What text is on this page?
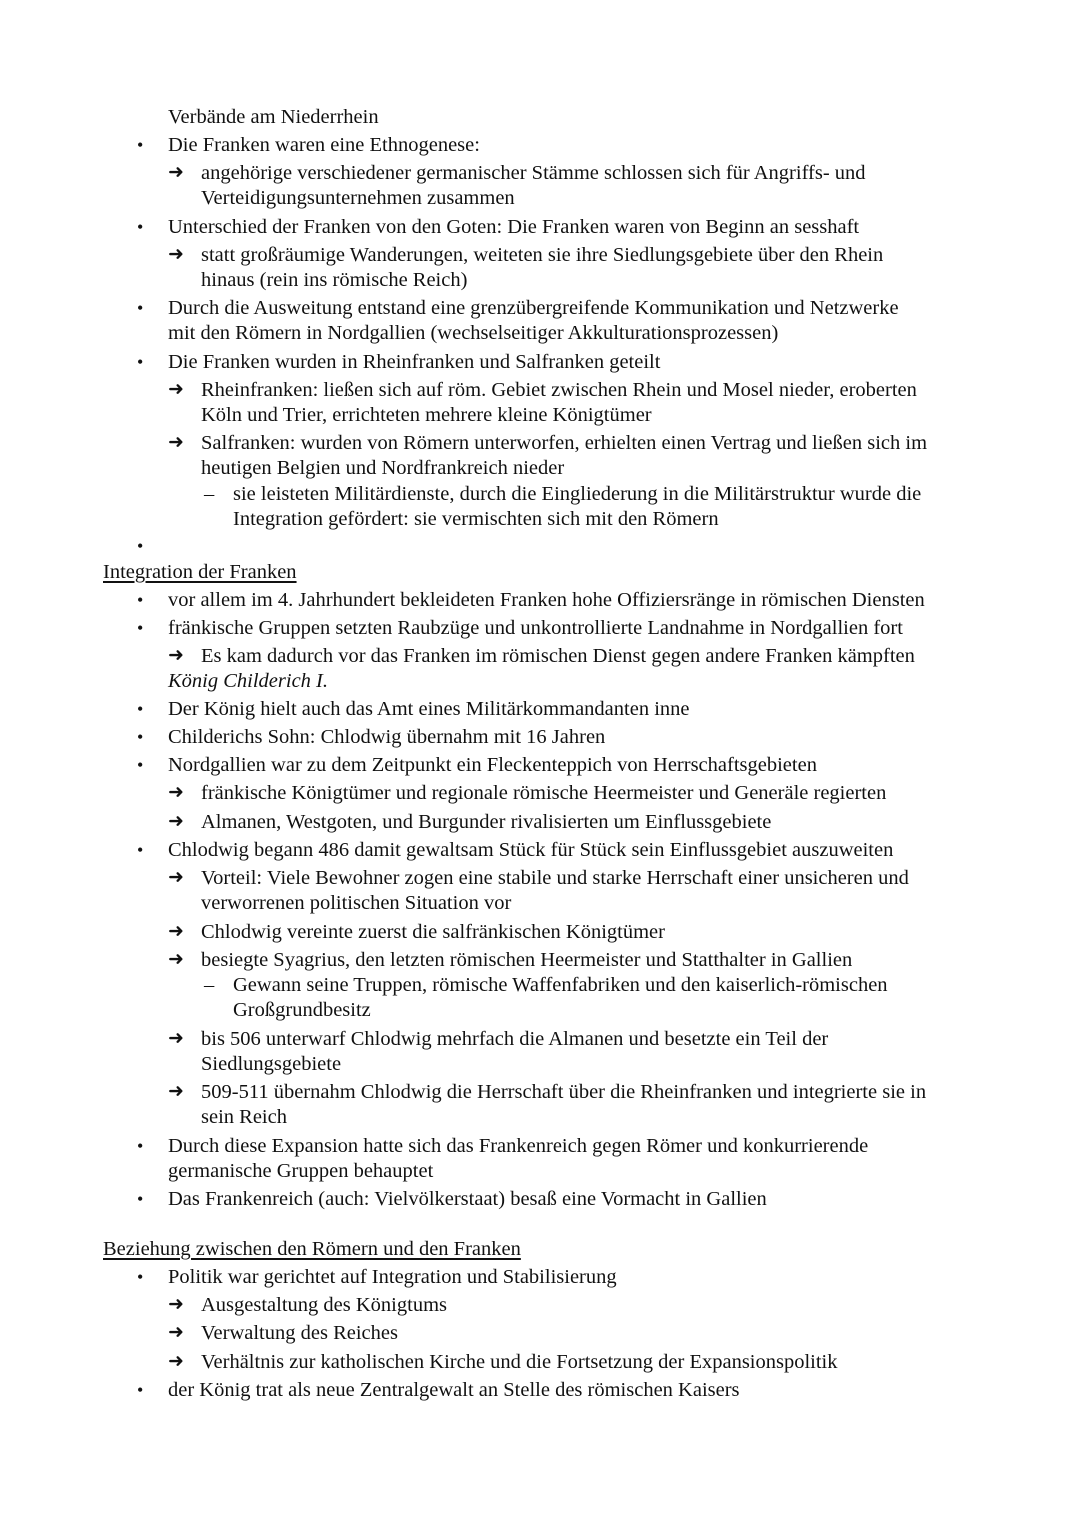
Verbände am Niederrhein
• Die Franken waren eine Ethnogenese:
➜ angehörige verschiedener germanischer Stämme schlossen sich für Angriffs- und
Verteidigungsunternehmen zusammen
• Unterschied der Franken von den Goten: Die Franken waren von Beginn an sesshaft
➜ statt großräumige Wanderungen, weiteten sie ihre Siedlungsgebiete über den Rhein
hinaus (rein ins römische Reich)
• Durch die Ausweitung entstand eine grenzübergreifende Kommunikation und Netzwerke
mit den Römern in Nordgallien (wechselseitiger Akkulturationsprozessen)
• Die Franken wurden in Rheinfranken und Salfranken geteilt
➜ Rheinfranken: ließen sich auf röm. Gebiet zwischen Rhein und Mosel nieder, eroberten
Köln und Trier, errichteten mehrere kleine Königtümer
➜ Salfranken: wurden von Römern unterworfen, erhielten einen Vertrag und ließen sich im
heutigen Belgien und Nordfrankreich nieder
– sie leisteten Militärdienste, durch die Eingliederung in die Militärstruktur wurde die
Integration gefördert: sie vermischten sich mit den Römern
•
Integration der Franken
• vor allem im 4. Jahrhundert bekleideten Franken hohe Offiziersränge in römischen Diensten
• fränkische Gruppen setzten Raubzüge und unkontrollierte Landnahme in Nordgallien fort
➜ Es kam dadurch vor das Franken im römischen Dienst gegen andere Franken kämpften
König Childerich I.
• Der König hielt auch das Amt eines Militärkommandanten inne
• Childerichs Sohn: Chlodwig übernahm mit 16 Jahren
• Nordgallien war zu dem Zeitpunkt ein Fleckenteppich von Herrschaftsgebieten
➜ fränkische Königtümer und regionale römische Heermeister und Generäle regierten
➜ Almanen, Westgoten, und Burgunder rivalisierten um Einflussgebiete
• Chlodwig begann 486 damit gewaltsam Stück für Stück sein Einflussgebiet auszuweiten
➜ Vorteil: Viele Bewohner zogen eine stabile und starke Herrschaft einer unsicheren und
verworrenen politischen Situation vor
➜ Chlodwig vereinte zuerst die salfränkischen Königtümer
➜ besiegte Syagrius, den letzten römischen Heermeister und Statthalter in Gallien
– Gewann seine Truppen, römische Waffenfabriken und den kaiserlich-römischen
Großgrundbesitz
➜ bis 506 unterwarf Chlodwig mehrfach die Almanen und besetzte ein Teil der
Siedlungsgebiete
➜ 509-511 übernahm Chlodwig die Herrschaft über die Rheinfranken und integrierte sie in
sein Reich
• Durch diese Expansion hatte sich das Frankenreich gegen Römer und konkurrierende
germanische Gruppen behauptet
• Das Frankenreich (auch: Vielvölkerstaat) besaß eine Vormacht in Gallien
Beziehung zwischen den Römern und den Franken
• Politik war gerichtet auf Integration und Stabilisierung
➜ Ausgestaltung des Königtums
➜ Verwaltung des Reiches
➜ Verhältnis zur katholischen Kirche und die Fortsetzung der Expansionspolitik
• der König trat als neue Zentralgewalt an Stelle des römischen Kaisers
